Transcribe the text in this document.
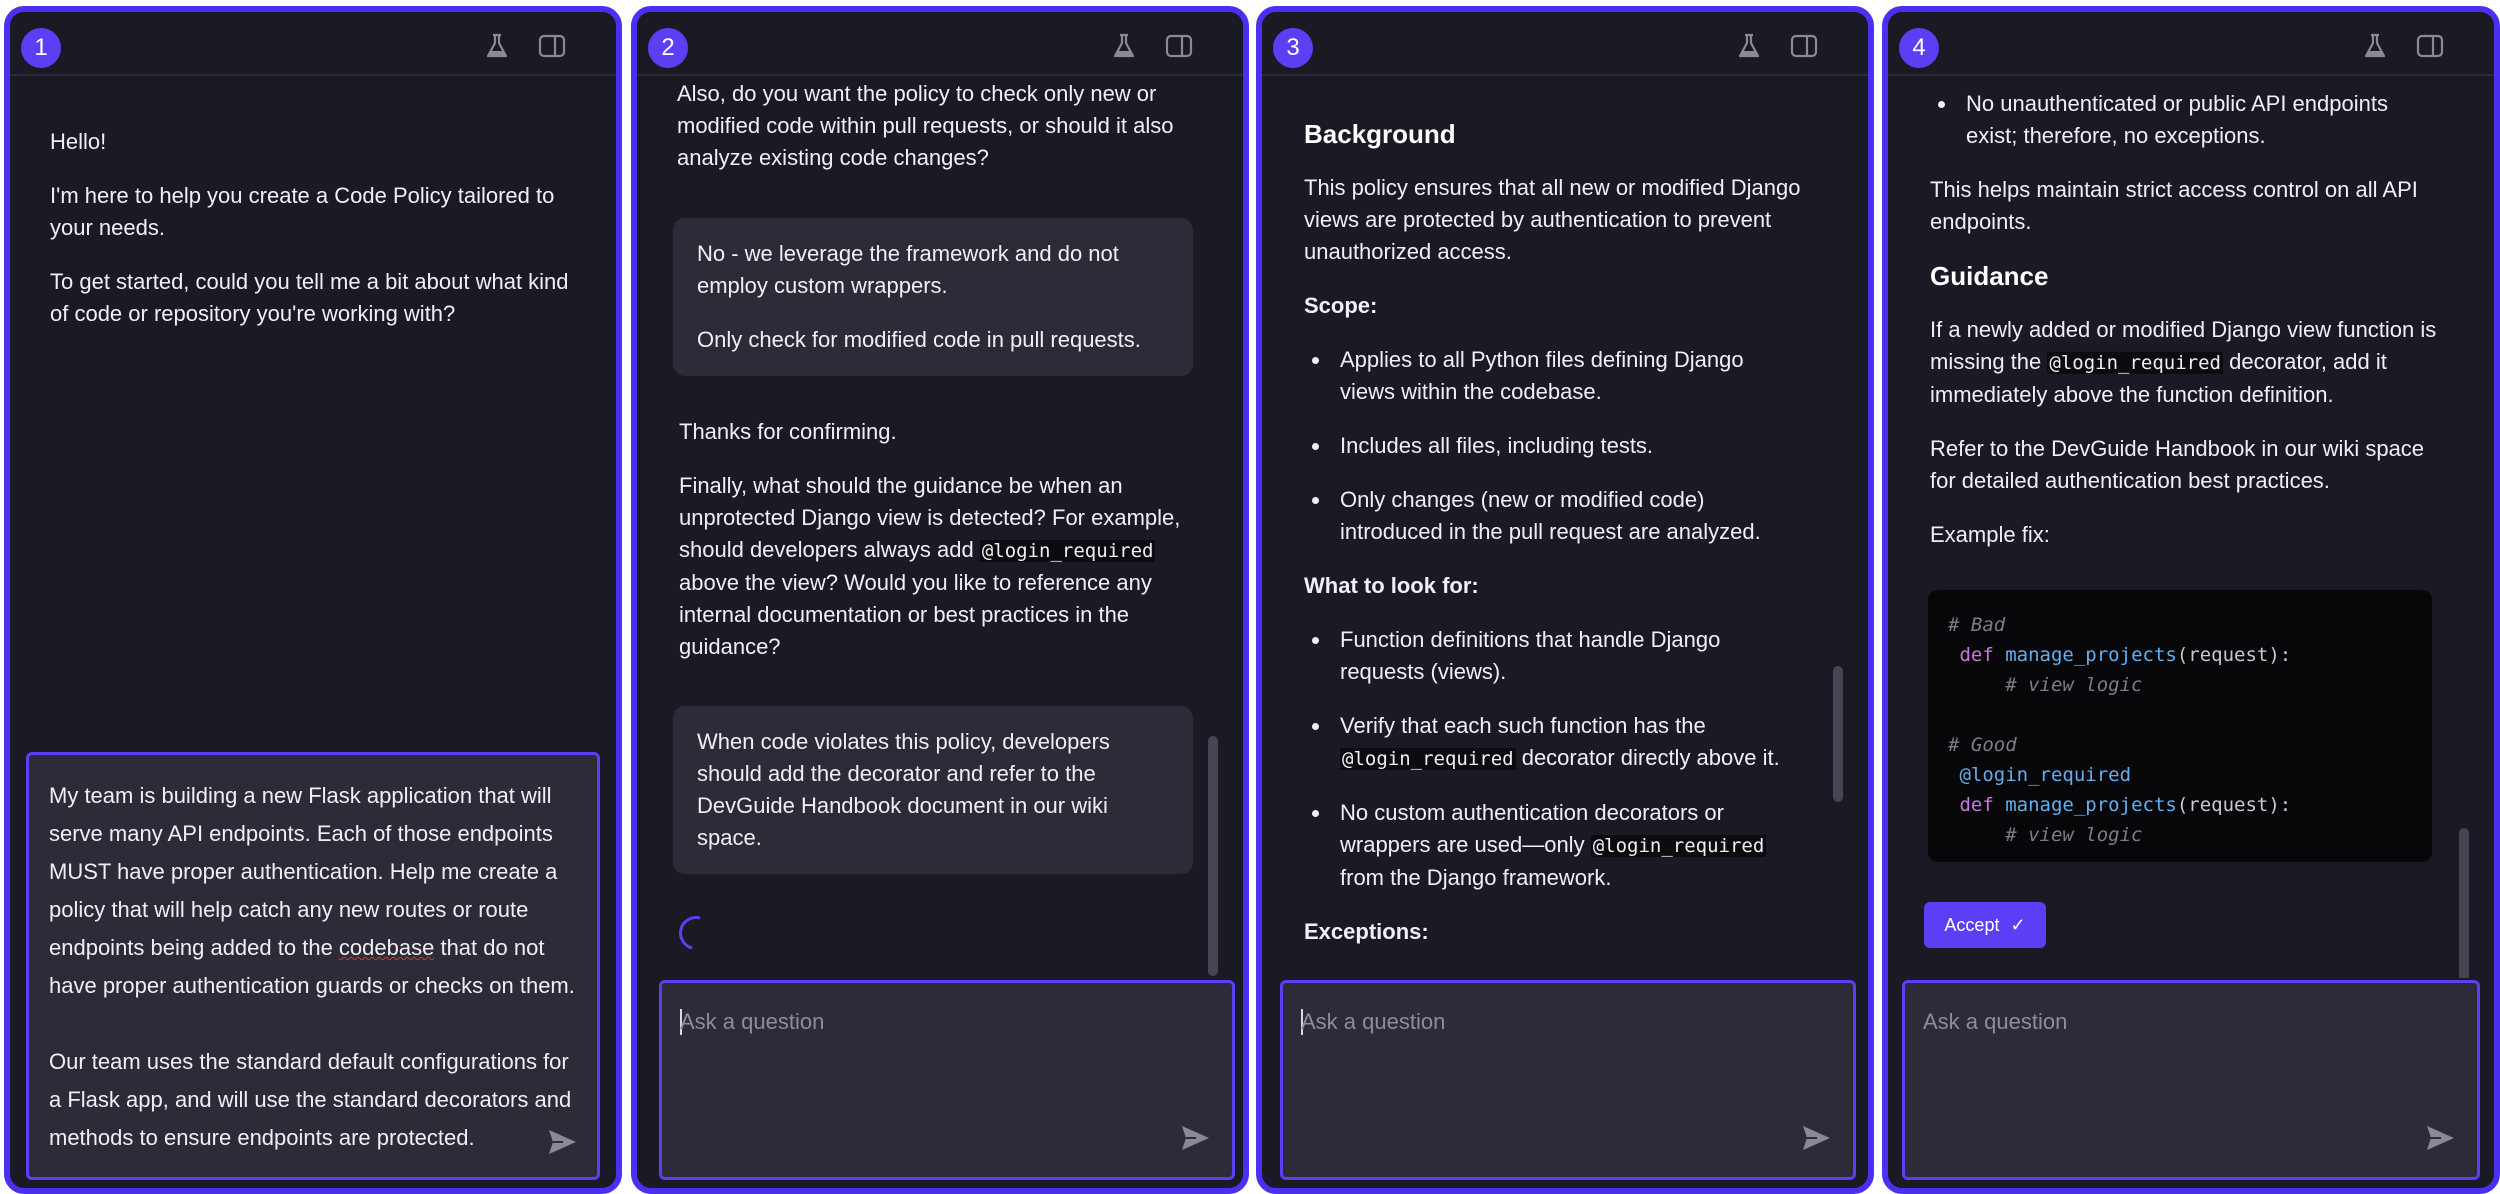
1

Hello!

I'm here to help you create a Code Policy tailored to your needs.

To get started, could you tell me a bit about what kind of code or repository you're working with?

My team is building a new Flask application that will serve many API endpoints. Each of those endpoints MUST have proper authentication. Help me create a policy that will help catch any new routes or route endpoints being added to the codebase that do not have proper authentication guards or checks on them.

Our team uses the standard default configurations for a Flask app, and will use the standard decorators and methods to ensure endpoints are protected.

2

Also, do you want the policy to check only new or modified code within pull requests, or should it also analyze existing code changes?

No - we leverage the framework and do not employ custom wrappers.

Only check for modified code in pull requests.

Thanks for confirming.

Finally, what should the guidance be when an unprotected Django view is detected? For example, should developers always add @login_required above the view? Would you like to reference any internal documentation or best practices in the guidance?

When code violates this policy, developers should add the decorator and refer to the DevGuide Handbook document in our wiki space.

Ask a question
3
Background

This policy ensures that all new or modified Django views are protected by authentication to prevent unauthorized access.

Scope:
• Applies to all Python files defining Django views within the codebase.
• Includes all files, including tests.
• Only changes (new or modified code) introduced in the pull request are analyzed.
What to look for:
• Function definitions that handle Django requests (views).
• Verify that each such function has the @login_required decorator directly above it.
• No custom authentication decorators or wrappers are used—only @login_required from the Django framework.
Exceptions:
Ask a question
4
• No unauthenticated or public API endpoints exist; therefore, no exceptions.

This helps maintain strict access control on all API endpoints.

Guidance

If a newly added or modified Django view function is missing the @login_required decorator, add it immediately above the function definition.

Refer to the DevGuide Handbook in our wiki space for detailed authentication best practices.

Example fix:

# Bad
def manage_projects(request):
# view logic

# Good
@login_required
def manage_projects(request):
# view logic
Accept ✓
Ask a question
